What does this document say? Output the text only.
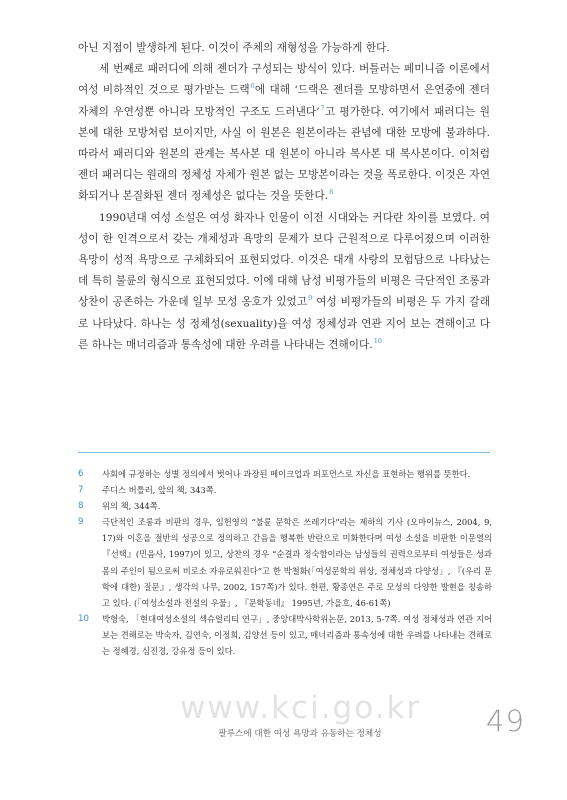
아닌 지점이 발생하게 된다. 이것이 주체의 재형성을 가능하게 한다.

세 번째로 패러디에 의해 젠더가 구성되는 방식이 있다. 버틀러는 페미니즘 이론에서 여성 비하적인 것으로 평가받는 드랙$^6$에 대해 ‘드랙은 젠더를 모방하면서 은연중에 젠더 자체의 우연성뿐 아니라 모방적인 구조도 드러낸다’$^7$고 평가한다. 여기에서 패러디는 원본에 대한 모방처럼 보이지만, 사실 이 원본은 원본이라는 관념에 대한 모방에 불과하다. 따라서 패러디와 원본의 관계는 복사본 대 원본이 아니라 복사본 대 복사본이다. 이처럼 젠더 패러디는 원래의 정체성 자체가 원본 없는 모방본이라는 것을 폭로한다. 이것은 자연화되거나 본질화된 젠더 정체성은 없다는 것을 뜻한다.$^8$

1990년대 여성 소설은 여성 화자나 인물이 이전 시대와는 커다란 차이를 보였다. 여성이 한 인격으로서 갖는 개체성과 욕망의 문제가 보다 근원적으로 다루어졌으며 이러한 욕망이 성적 욕망으로 구체화되어 표현되었다. 이것은 대개 사랑의 모험담으로 나타났는데 특히 불륜의 형식으로 표현되었다. 이에 대해 남성 비평가들의 비평은 극단적인 조롱과 상찬이 공존하는 가운데 일부 모성 옹호가 있었고$^9$ 여성 비평가들의 비평은 두 가지 갈래로 나타났다. 하나는 성 정체성(sexuality)을 여성 정체성과 연관 지어 보는 견해이고 다른 하나는 매너리즘과 통속성에 대한 우려를 나타내는 견해이다.$^{10}$

6	사회에 규정하는 성별 정의에서 벗어나 과장된 메이크업과 퍼포먼스로 자신을 표현하는 행위를 뜻한다.
7	주디스 버틀러, 앞의 책, 343쪽.
8	위의 책, 344쪽.
9	극단적인 조롱과 비판의 경우, 임헌영의 “불륜 문학은 쓰레기다”라는 제하의 기사 (오마이뉴스, 2004, 9, 17)와 이혼을 절반의 성공으로 정의하고 간음을 행복한 반란으로 미화한다며 여성 소설을 비판한 이문열의 『선택』(민음사, 1997)이 있고, 상찬의 경우 “순결과 정숙함이라는 남성들의 권력으로부터 여성들은 성과 몸의 주인이 됨으로써 비로소 자유로워진다”고 한 박철화(「여성문학의 위상, 정체성과 다양성」, 『(우리 문학에 대한) 질문』, 생각의 나무, 2002, 157쪽)가 있다. 한편, 황종연은 주로 모성의 다양한 발현을 칭송하고 있다. (「여성소설과 전설의 우물」, 『문학동네』 1995년, 가을호, 46-61쪽)
10	박형숙, 「현대여성소설의 섹슈얼리티 연구」, 중앙대박사학위논문, 2013, 5-7쪽. 여성 정체성과 연관 지어 보는 견해로는 박숙자, 김연숙, 이정희, 김양선 등이 있고, 매너리즘과 통속성에 대한 우려를 나타내는 견해로는 정혜경, 심진경, 강유정 등이 있다.
www.kci.go.kr
팔루스에 대한 여성 욕망과 유동하는 정체성	49
